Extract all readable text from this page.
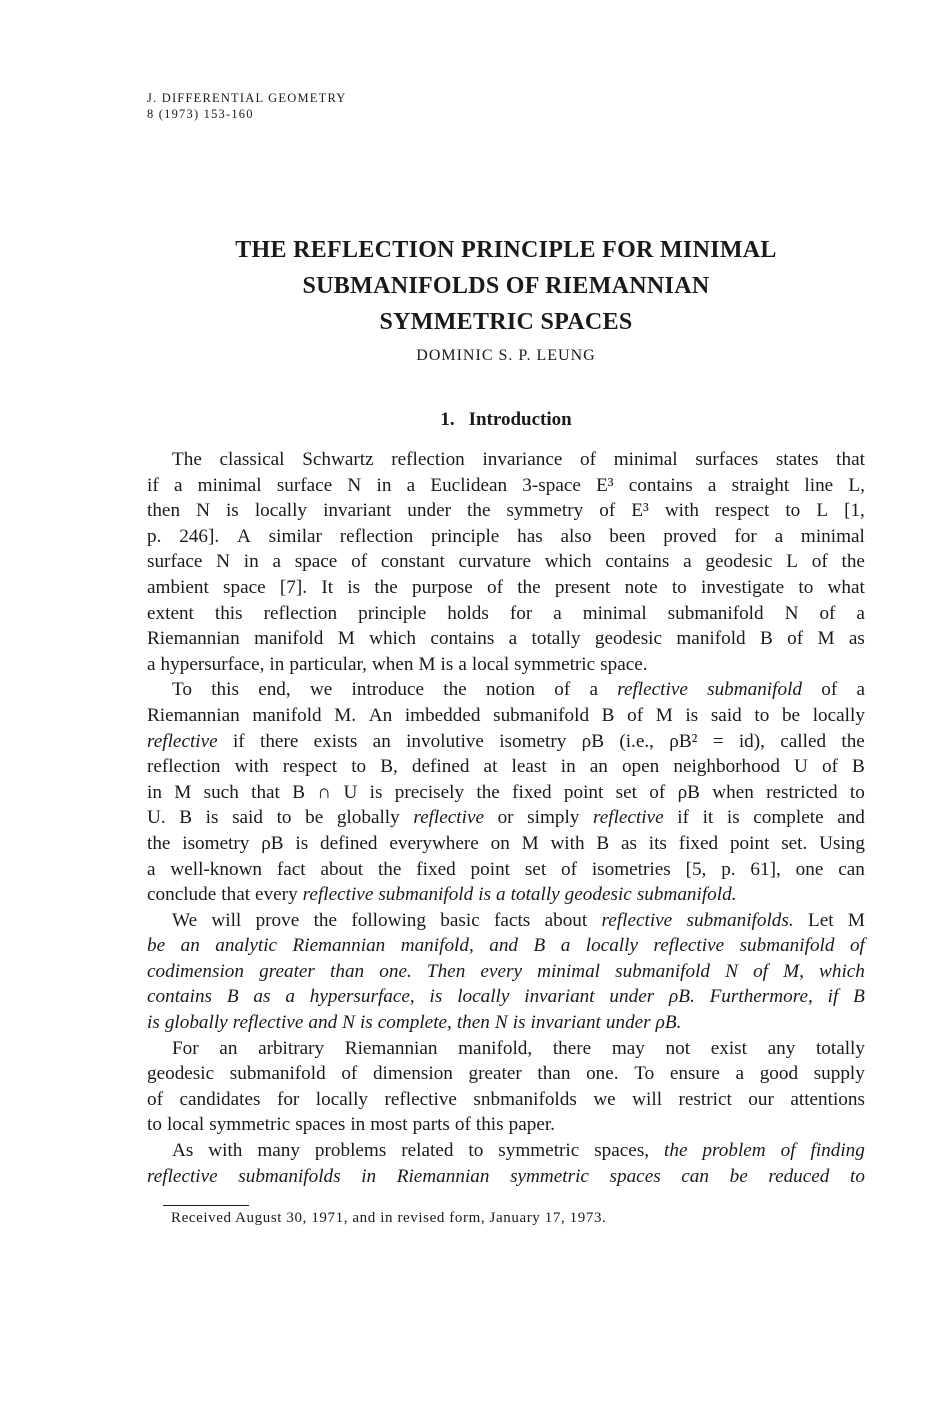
J. DIFFERENTIAL GEOMETRY
8 (1973) 153-160
THE REFLECTION PRINCIPLE FOR MINIMAL
SUBMANIFOLDS OF RIEMANNIAN
SYMMETRIC SPACES
DOMINIC S. P. LEUNG
1. Introduction
The classical Schwartz reflection invariance of minimal surfaces states that
if a minimal surface N in a Euclidean 3-space E³ contains a straight line L,
then N is locally invariant under the symmetry of E³ with respect to L [1,
p. 246]. A similar reflection principle has also been proved for a minimal
surface N in a space of constant curvature which contains a geodesic L of the
ambient space [7]. It is the purpose of the present note to investigate to what
extent this reflection principle holds for a minimal submanifold N of a
Riemannian manifold M which contains a totally geodesic manifold B of M as
a hypersurface, in particular, when M is a local symmetric space.
To this end, we introduce the notion of a reflective submanifold of a
Riemannian manifold M. An imbedded submanifold B of M is said to be locally
reflective if there exists an involutive isometry ρB (i.e., ρB² = id), called the
reflection with respect to B, defined at least in an open neighborhood U of B
in M such that B ∩ U is precisely the fixed point set of ρB when restricted to
U. B is said to be globally reflective or simply reflective if it is complete and
the isometry ρB is defined everywhere on M with B as its fixed point set. Using
a well-known fact about the fixed point set of isometries [5, p. 61], one can
conclude that every reflective submanifold is a totally geodesic submanifold.
We will prove the following basic facts about reflective submanifolds. Let M
be an analytic Riemannian manifold, and B a locally reflective submanifold of
codimension greater than one. Then every minimal submanifold N of M, which
contains B as a hypersurface, is locally invariant under ρB. Furthermore, if B
is globally reflective and N is complete, then N is invariant under ρB.
For an arbitrary Riemannian manifold, there may not exist any totally
geodesic submanifold of dimension greater than one. To ensure a good supply
of candidates for locally reflective snbmanifolds we will restrict our attentions
to local symmetric spaces in most parts of this paper.
As with many problems related to symmetric spaces, the problem of finding
reflective submanifolds in Riemannian symmetric spaces can be reduced to
Received August 30, 1971, and in revised form, January 17, 1973.
